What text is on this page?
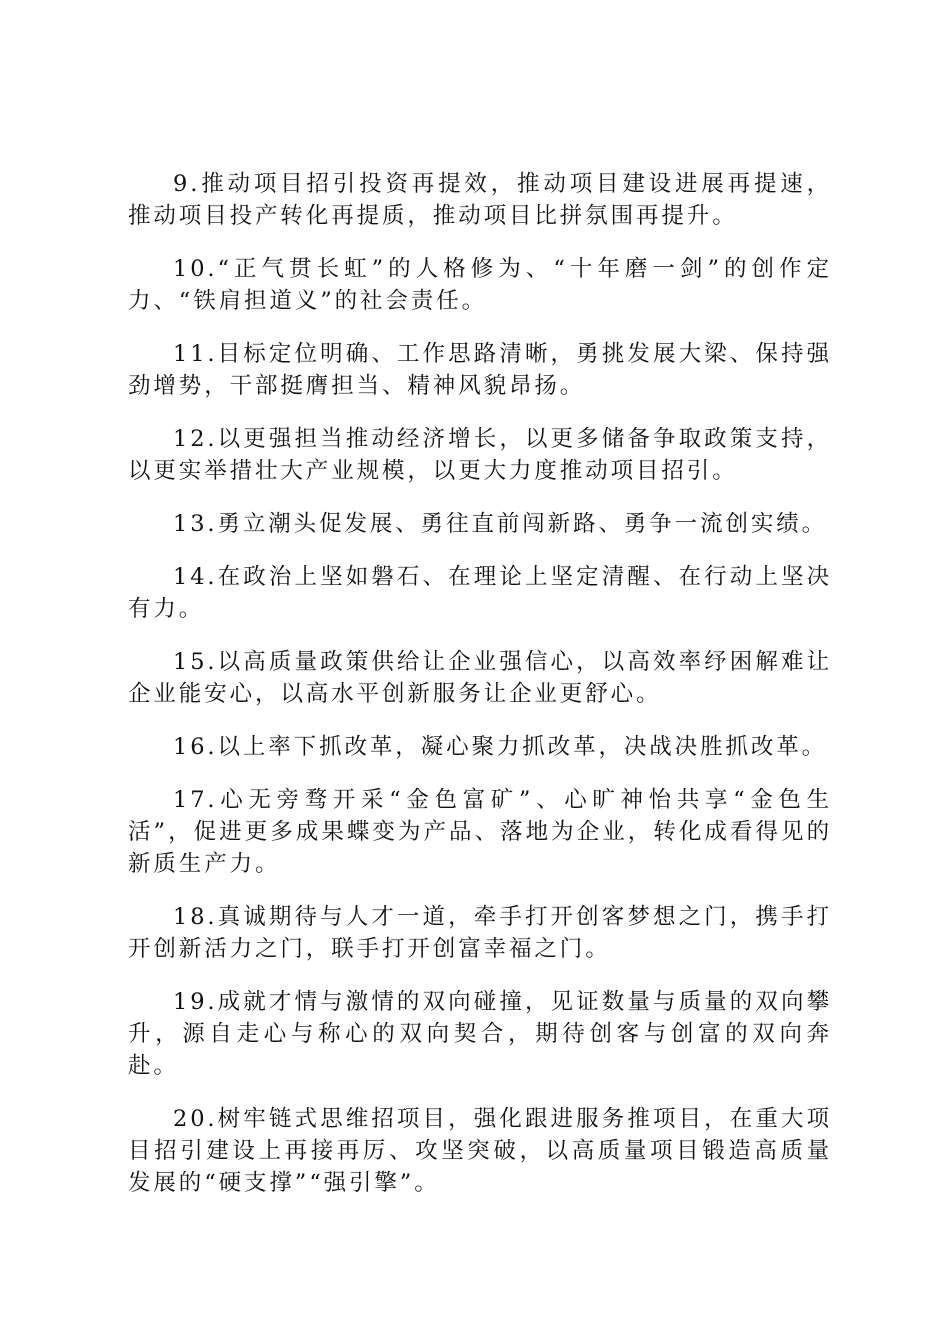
9.推动项目招引投资再提效，推动项目建设进展再提速，推动项目投产转化再提质，推动项目比拼氛围再提升。

10.“正气贯长虹”的人格修为、“十年磨一剑”的创作定力、“铁肩担道义”的社会责任。

11.目标定位明确、工作思路清晰，勇挑发展大梁、保持强劲增势，干部挺膺担当、精神风貌昂扬。

12.以更强担当推动经济增长，以更多储备争取政策支持，以更实举措壮大产业规模，以更大力度推动项目招引。

13.勇立潮头促发展、勇往直前闯新路、勇争一流创实绩。

14.在政治上坚如磐石、在理论上坚定清醒、在行动上坚决有力。

15.以高质量政策供给让企业强信心，以高效率纾困解难让企业能安心，以高水平创新服务让企业更舒心。

16.以上率下抓改革，凝心聚力抓改革，决战决胜抓改革。

17.心无旁骛开采“金色富矿”、心旷神怡共享“金色生活”，促进更多成果蝶变为产品、落地为企业，转化成看得见的新质生产力。

18.真诚期待与人才一道，牵手打开创客梦想之门，携手打开创新活力之门，联手打开创富幸福之门。

19.成就才情与激情的双向碰撞，见证数量与质量的双向攀升，源自走心与称心的双向契合，期待创客与创富的双向奔赴。

20.树牢链式思维招项目，强化跟进服务推项目，在重大项目招引建设上再接再厉、攻坚突破，以高质量项目锻造高质量发展的“硬支撑”“强引擎”。
